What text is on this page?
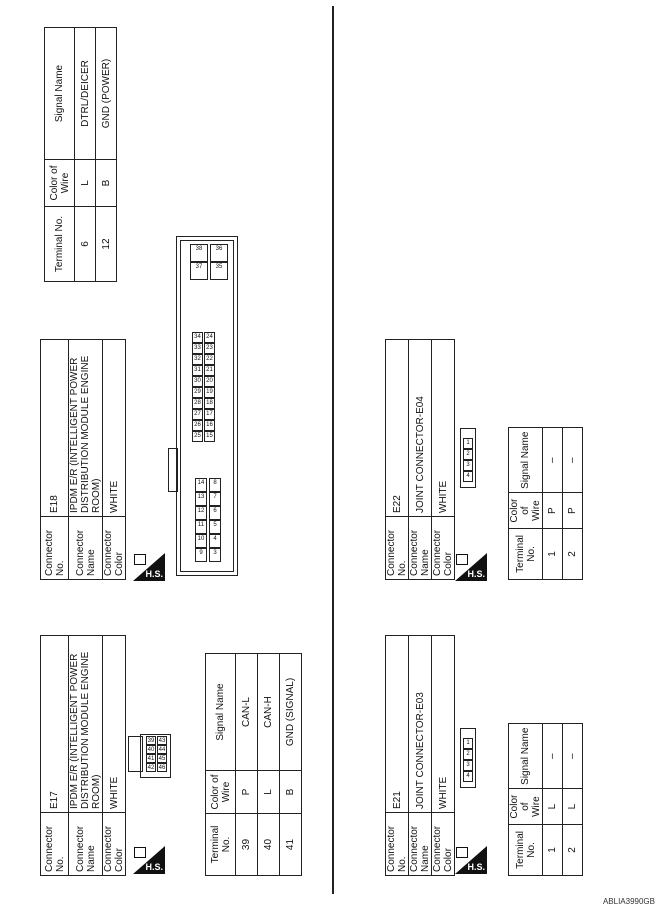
Connector No.	E17
Connector Name	IPDM E/R (INTELLIGENT POWER DISTRIBUTION MODULE ENGINE ROOM)
Connector Color	WHITE
H.S.
42
41
40
39
46
45
44
43
Terminal No.	Color of Wire	Signal Name
39	P	CAN-L
40	L	CAN-H
41	B	GND (SIGNAL)
Connector No.	E18
Connector Name	IPDM E/R (INTELLIGENT POWER DISTRIBUTION MODULE ENGINE ROOM)
Connector Color	WHITE
H.S.
9
10
11
12
13
14
3
4
5
6
7
8
25
26
27
28
29
30
31
32
33
34
15
16
17
18
19
20
21
22
23
24
37
38
35
36
Terminal No.	Color of Wire	Signal Name
6	L	DTRL/DEICER
12	B	GND (POWER)
Connector No.	E21
Connector Name	JOINT CONNECTOR-E03
Connector Color	WHITE
H.S.
4
3
2
1
Terminal No.	Color of Wire	Signal Name
1	L	–
2	L	–
Connector No.	E22
Connector Name	JOINT CONNECTOR-E04
Connector Color	WHITE
H.S.
4
3
2
1
Terminal No.	Color of Wire	Signal Name
1	P	–
2	P	–
ABLIA3990GB
